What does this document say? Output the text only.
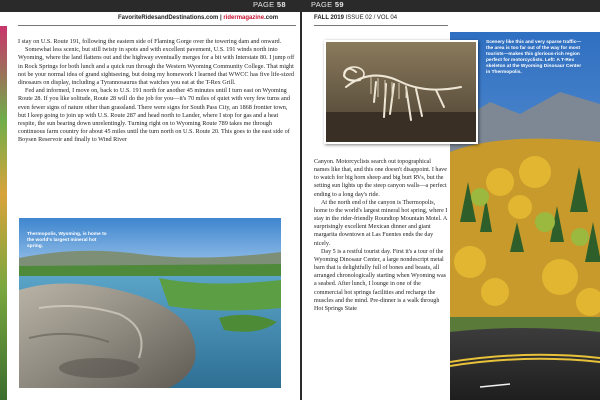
PAGE 58	PAGE 59
FavoriteRidesandDestinations.com | ridermagazine.com

I stay on U.S. Route 191, following the eastern side of Flaming Gorge over the towering dam and onward.

Somewhat less scenic, but still twisty in spots and with excellent pavement, U.S. 191 winds north into Wyoming, where the land flattens out and the highway eventually merges for a bit with Interstate 80. I jump off in Rock Springs for both lunch and a quick run through the Western Wyoming Community College. That might not be your normal idea of grand sightseeing, but doing my homework I learned that WWCC has five life-sized dinosaurs on display, including a Tyrannosaurus that watches you eat at the T-Rex Grill.

Fed and informed, I move on, back to U.S. 191 north for another 45 minutes until I turn east on Wyoming Route 28. If you like solitude, Route 28 will do the job for you—it's 70 miles of quiet with very few turns and even fewer signs of nature other than grassland. There were signs for South Pass City, an 1868 frontier town, but I keep going to join up with U.S. Route 287 and head north to Lander, where I stop for gas and a heat respite, the sun bearing down unrelentingly. Turning right on to Wyoming Route 789 takes me through continuous farm country for about 45 miles until the turn north on U.S. Route 20. This goes to the east side of Boysen Reservoir and finally to Wind River

Thermopolis, Wyoming, is home to the world's largest mineral hot spring.
FALL 2019 ISSUE 02 / VOL 04
Scenery like this and very sparse traffic—the area is too far out of the way for most tourists—makes this glorious-rich region perfect for motorcyclists. Left: A T-Rex skeleton at the Wyoming Dinosaur Center in Thermopolis.

Canyon. Motorcyclists search out topographical names like that, and this one doesn't disappoint. I have to watch for big horn sheep and big burt RVs, but the setting sun lights up the steep canyon walls—a perfect ending to a long day's ride.

At the north end of the canyon is Thermopolis, home to the world's largest mineral hot spring, where I stay in the rider-friendly Roundtop Mountain Motel. A surprisingly excellent Mexican dinner and giant margarita downtown at Las Fuentes ends the day nicely.

Day 5 is a restful tourist day. First it's a tour of the Wyoming Dinosaur Center, a large nondescript metal barn that is delightfully full of bones and beasts, all arranged chronologically starting when Wyoming was a seabed. After lunch, I lounge in one of the commercial hot springs facilities and recharge the muscles and the mind. Pre-dinner is a walk through Hot Springs State
